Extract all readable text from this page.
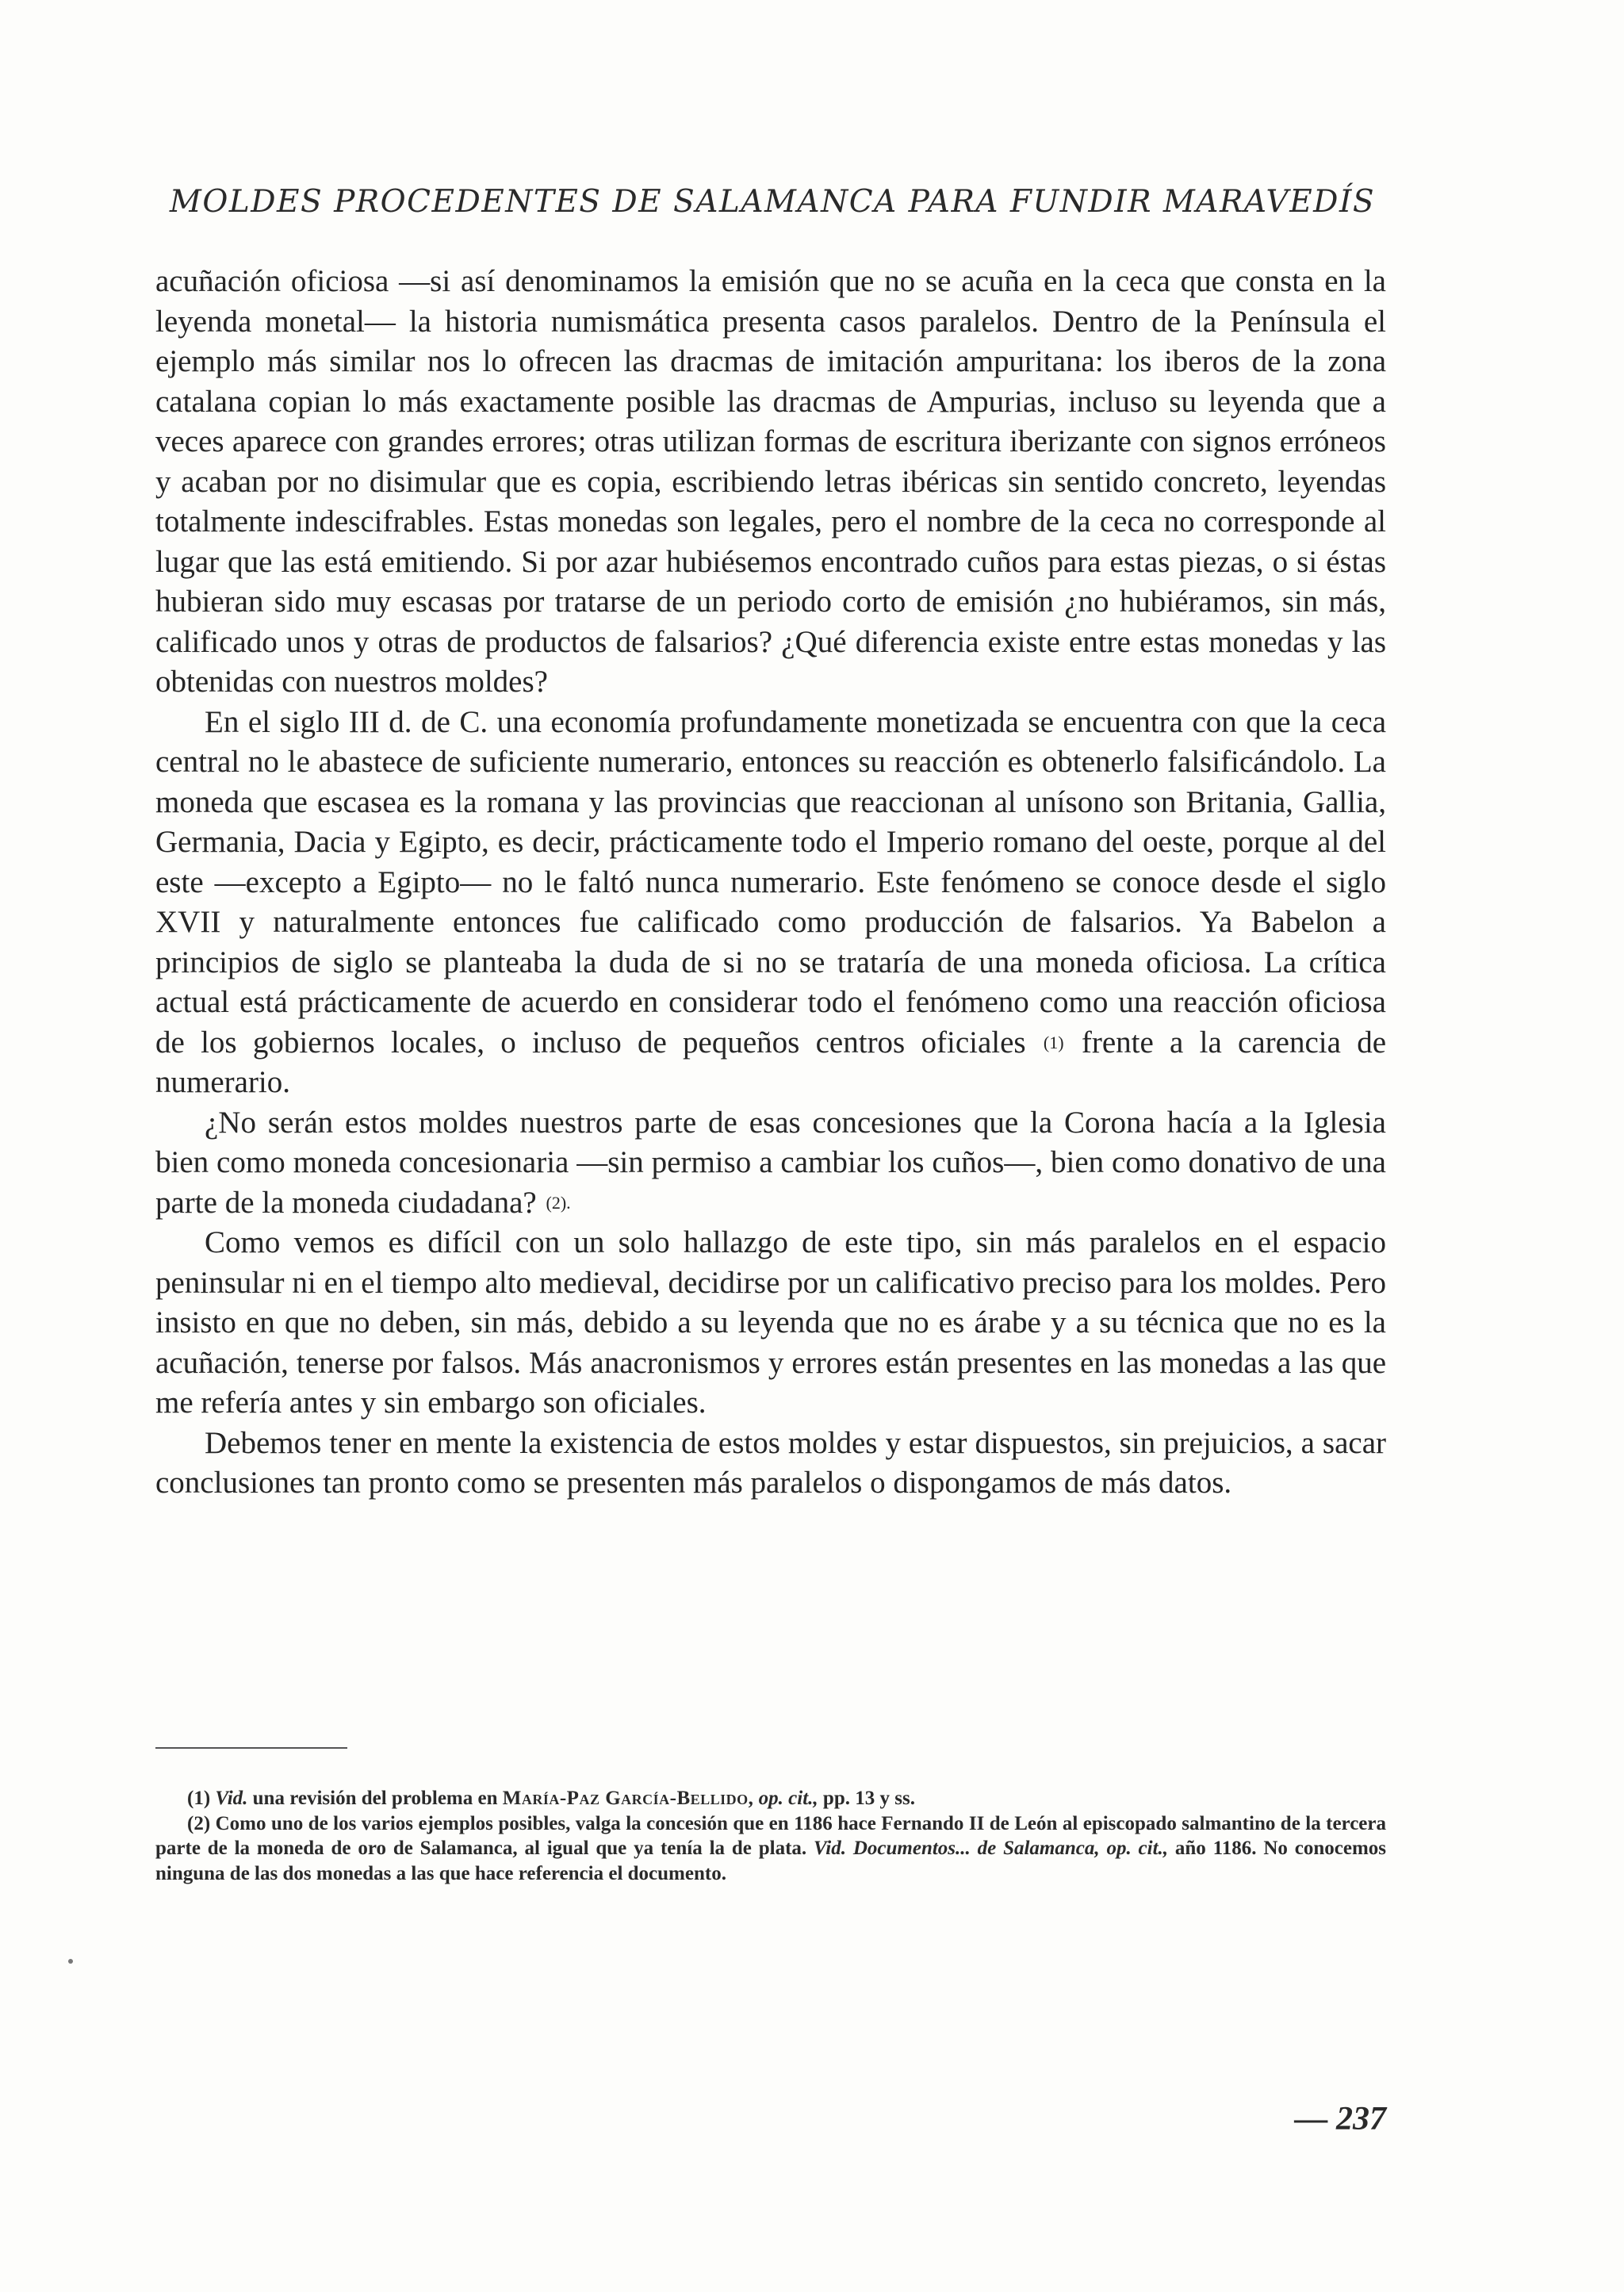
MOLDES PROCEDENTES DE SALAMANCA PARA FUNDIR MARAVEDÍS

acuñación oficiosa —si así denominamos la emisión que no se acuña en la ceca que consta en la leyenda monetal— la historia numismática presenta casos paralelos. Dentro de la Península el ejemplo más similar nos lo ofrecen las dracmas de imitación ampuritana: los iberos de la zona catalana copian lo más exactamente posible las dracmas de Ampurias, incluso su leyenda que a veces aparece con grandes errores; otras utilizan formas de escritura iberizante con signos erróneos y acaban por no disimular que es copia, escribiendo letras ibéricas sin sentido concreto, leyendas totalmente indescifrables. Estas monedas son legales, pero el nombre de la ceca no corresponde al lugar que las está emitiendo. Si por azar hubiésemos encontrado cuños para estas piezas, o si éstas hubieran sido muy escasas por tratarse de un periodo corto de emisión ¿no hubiéramos, sin más, calificado unos y otras de productos de falsarios? ¿Qué diferencia existe entre estas monedas y las obtenidas con nuestros moldes?

En el siglo III d. de C. una economía profundamente monetizada se encuentra con que la ceca central no le abastece de suficiente numerario, entonces su reacción es obtenerlo falsificándolo. La moneda que escasea es la romana y las provincias que reaccionan al unísono son Britania, Gallia, Germania, Dacia y Egipto, es decir, prácticamente todo el Imperio romano del oeste, porque al del este —excepto a Egipto— no le faltó nunca numerario. Este fenómeno se conoce desde el siglo XVII y naturalmente entonces fue calificado como producción de falsarios. Ya Babelon a principios de siglo se planteaba la duda de si no se trataría de una moneda oficiosa. La crítica actual está prácticamente de acuerdo en considerar todo el fenómeno como una reacción oficiosa de los gobiernos locales, o incluso de pequeños centros oficiales (1) frente a la carencia de numerario.

¿No serán estos moldes nuestros parte de esas concesiones que la Corona hacía a la Iglesia bien como moneda concesionaria —sin permiso a cambiar los cuños—, bien como donativo de una parte de la moneda ciudadana? (2).

Como vemos es difícil con un solo hallazgo de este tipo, sin más paralelos en el espacio peninsular ni en el tiempo alto medieval, decidirse por un calificativo preciso para los moldes. Pero insisto en que no deben, sin más, debido a su leyenda que no es árabe y a su técnica que no es la acuñación, tenerse por falsos. Más anacronismos y errores están presentes en las monedas a las que me refería antes y sin embargo son oficiales.

Debemos tener en mente la existencia de estos moldes y estar dispuestos, sin prejuicios, a sacar conclusiones tan pronto como se presenten más paralelos o dispongamos de más datos.

(1) Vid. una revisión del problema en María-Paz García-Bellido, op. cit., pp. 13 y ss.

(2) Como uno de los varios ejemplos posibles, valga la concesión que en 1186 hace Fernando II de León al episcopado salmantino de la tercera parte de la moneda de oro de Salamanca, al igual que ya tenía la de plata. Vid. Documentos... de Salamanca, op. cit., año 1186. No conocemos ninguna de las dos monedas a las que hace referencia el documento.

— 237
